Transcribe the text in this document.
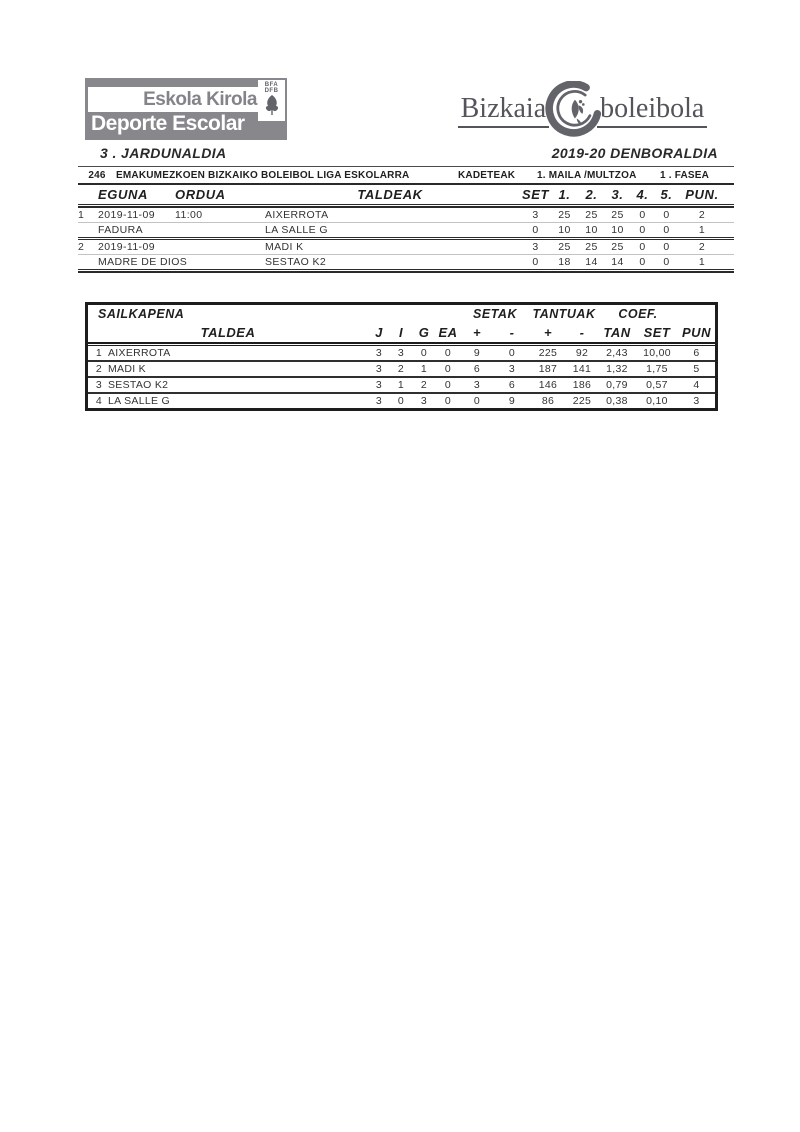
Eskola Kirola
Deporte Escolar
BFA
DFB
Bizkaia boleibola
3 . JARDUNALDIA	2019-20 DENBORALDIA
246	EMAKUMEZKOEN BIZKAIKO BOLEIBOL LIGA ESKOLARRA	KADETEAK	1. MAILA /MULTZOA	1 . FASEA
EGUNA	ORDUA	TALDEAK	SET 1.	2.	3. 4. 5. PUN.
1	2019-11-09	11:00	AIXERROTA	3	25	25	25	0	0	2
FADURA	LA SALLE G	0	10	10	10	0	0	1
2	2019-11-09	MADI K	3	25	25	25	0	0	2
MADRE DE DIOS	SESTAO K2	0	18	14	14	0	0	1
SAILKAPENA	SETAK	TANTUAK	COEF.
TALDEA	J	I	G EA	+	-	+	-	TAN SET PUN
1 AIXERROTA	3	3	0	0	9	0	225	92	2,43	10,00	6
2 MADI K	3	2	1	0	6	3	187	141	1,32	1,75	5
3 SESTAO K2	3	1	2	0	3	6	146	186	0,79	0,57	4
4 LA SALLE G	3	0	3	0	0	9	86	225	0,38	0,10	3
